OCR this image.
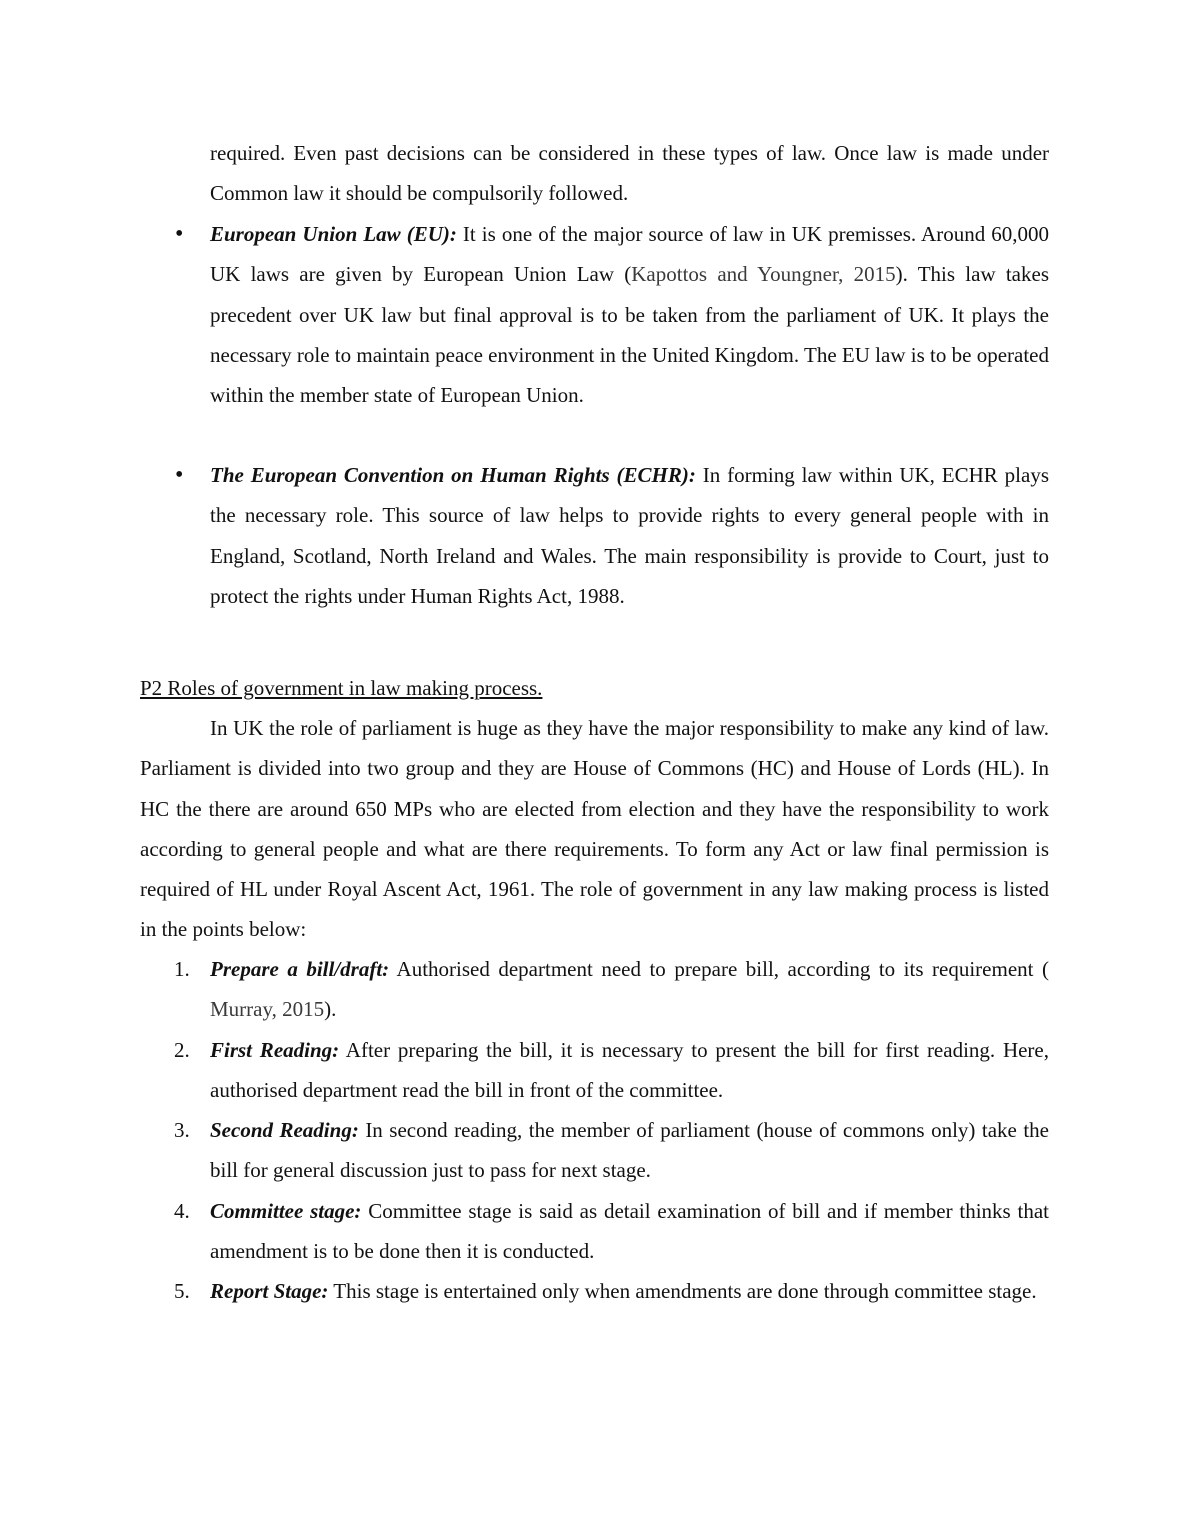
required. Even past decisions can be considered in these types of law. Once law is made under Common law it should be compulsorily followed.
•
European Union Law (EU): It is one of the major source of law in UK premisses. Around 60,000 UK laws are given by European Union Law (Kapottos and Youngner, 2015). This law takes precedent over UK law but final approval is to be taken from the parliament of UK. It plays the necessary role to maintain peace environment in the United Kingdom. The EU law is to be operated within the member state of European Union.
•
The European Convention on Human Rights (ECHR): In forming law within UK, ECHR plays the necessary role. This source of law helps to provide rights to every general people with in England, Scotland, North Ireland and Wales. The main responsibility is provide to Court, just to protect the rights under Human Rights Act, 1988.
P2 Roles of government in law making process.
In UK the role of parliament is huge as they have the major responsibility to make any kind of law. Parliament is divided into two group and they are House of Commons (HC) and House of Lords (HL). In HC the there are around 650 MPs who are elected from election and they have the responsibility to work according to general people and what are there requirements. To form any Act or law final permission is required of HL under Royal Ascent Act, 1961. The role of government in any law making process is listed in the points below:
1. Prepare a bill/draft: Authorised department need to prepare bill, according to its requirement ( Murray, 2015).
2. First Reading: After preparing the bill, it is necessary to present the bill for first reading. Here, authorised department read the bill in front of the committee.
3. Second Reading: In second reading, the member of parliament (house of commons only) take the bill for general discussion just to pass for next stage.
4. Committee stage: Committee stage is said as detail examination of bill and if member thinks that amendment is to be done then it is conducted.
5. Report Stage: This stage is entertained only when amendments are done through committee stage.
